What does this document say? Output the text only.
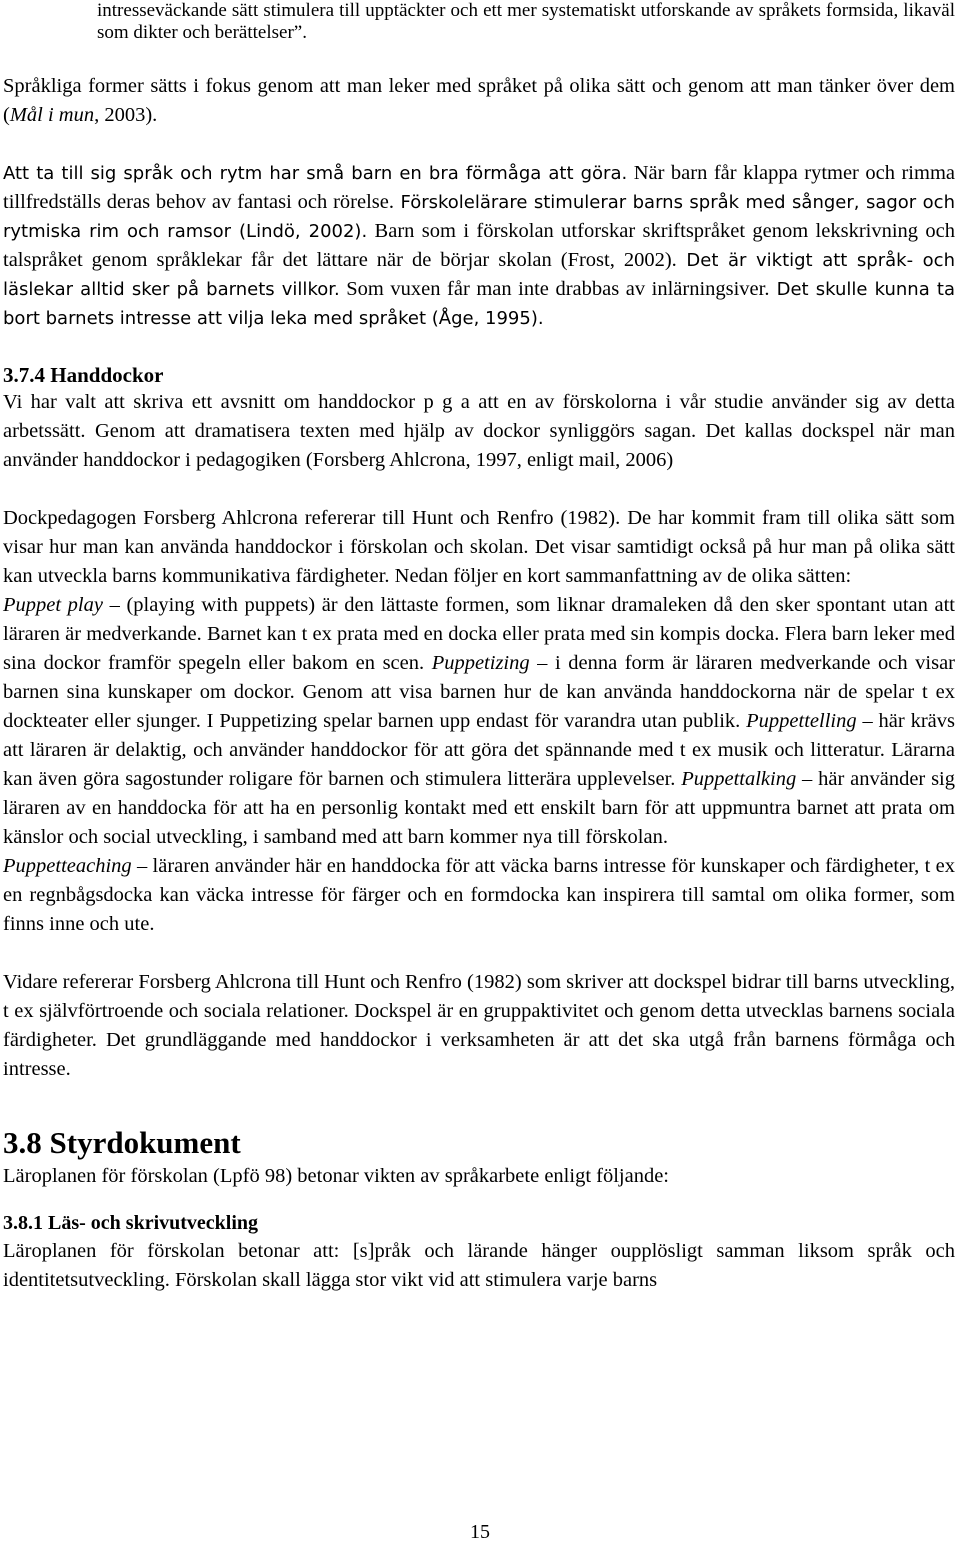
intresseväckande sätt stimulera till upptäckter och ett mer systematiskt utforskande av språkets formsida, likaväl som dikter och berättelser”.

Språkliga former sätts i fokus genom att man leker med språket på olika sätt och genom att man tänker över dem (Mål i mun, 2003).

Att ta till sig språk och rytm har små barn en bra förmåga att göra. När barn får klappa rytmer och rimma tillfredställs deras behov av fantasi och rörelse. Förskolelärare stimulerar barns språk med sånger, sagor och rytmiska rim och ramsor (Lindö, 2002). Barn som i förskolan utforskar skriftspråket genom lekskrivning och talspråket genom språklekar får det lättare när de börjar skolan (Frost, 2002). Det är viktigt att språk- och läslekar alltid sker på barnets villkor. Som vuxen får man inte drabbas av inlärningsiver. Det skulle kunna ta bort barnets intresse att vilja leka med språket (Åge, 1995).

3.7.4 Handdockor

Vi har valt att skriva ett avsnitt om handdockor p g a att en av förskolorna i vår studie använder sig av detta arbetssätt. Genom att dramatisera texten med hjälp av dockor synliggörs sagan. Det kallas dockspel när man använder handdockor i pedagogiken (Forsberg Ahlcrona, 1997, enligt mail, 2006)

Dockpedagogen Forsberg Ahlcrona refererar till Hunt och Renfro (1982). De har kommit fram till olika sätt som visar hur man kan använda handdockor i förskolan och skolan. Det visar samtidigt också på hur man på olika sätt kan utveckla barns kommunikativa färdigheter. Nedan följer en kort sammanfattning av de olika sätten:

Puppet play – (playing with puppets) är den lättaste formen, som liknar dramaleken då den sker spontant utan att läraren är medverkande. Barnet kan t ex prata med en docka eller prata med sin kompis docka. Flera barn leker med sina dockor framför spegeln eller bakom en scen. Puppetizing – i denna form är läraren medverkande och visar barnen sina kunskaper om dockor. Genom att visa barnen hur de kan använda handdockorna när de spelar t ex dockteater eller sjunger. I Puppetizing spelar barnen upp endast för varandra utan publik. Puppettelling – här krävs att läraren är delaktig, och använder handdockor för att göra det spännande med t ex musik och litteratur. Lärarna kan även göra sagostunder roligare för barnen och stimulera litterära upplevelser. Puppettalking – här använder sig läraren av en handdocka för att ha en personlig kontakt med ett enskilt barn för att uppmuntra barnet att prata om känslor och social utveckling, i samband med att barn kommer nya till förskolan.

Puppetteaching – läraren använder här en handdocka för att väcka barns intresse för kunskaper och färdigheter, t ex en regnbågsdocka kan väcka intresse för färger och en formdocka kan inspirera till samtal om olika former, som finns inne och ute.

Vidare refererar Forsberg Ahlcrona till Hunt och Renfro (1982) som skriver att dockspel bidrar till barns utveckling, t ex självförtroende och sociala relationer. Dockspel är en gruppaktivitet och genom detta utvecklas barnens sociala färdigheter. Det grundläggande med handdockor i verksamheten är att det ska utgå från barnens förmåga och intresse.

3.8 Styrdokument

Läroplanen för förskolan (Lpfö 98) betonar vikten av språkarbete enligt följande:

3.8.1 Läs- och skrivutveckling

Läroplanen för förskolan betonar att: [s]pråk och lärande hänger oupplösligt samman liksom språk och identitetsutveckling. Förskolan skall lägga stor vikt vid att stimulera varje barns

15
